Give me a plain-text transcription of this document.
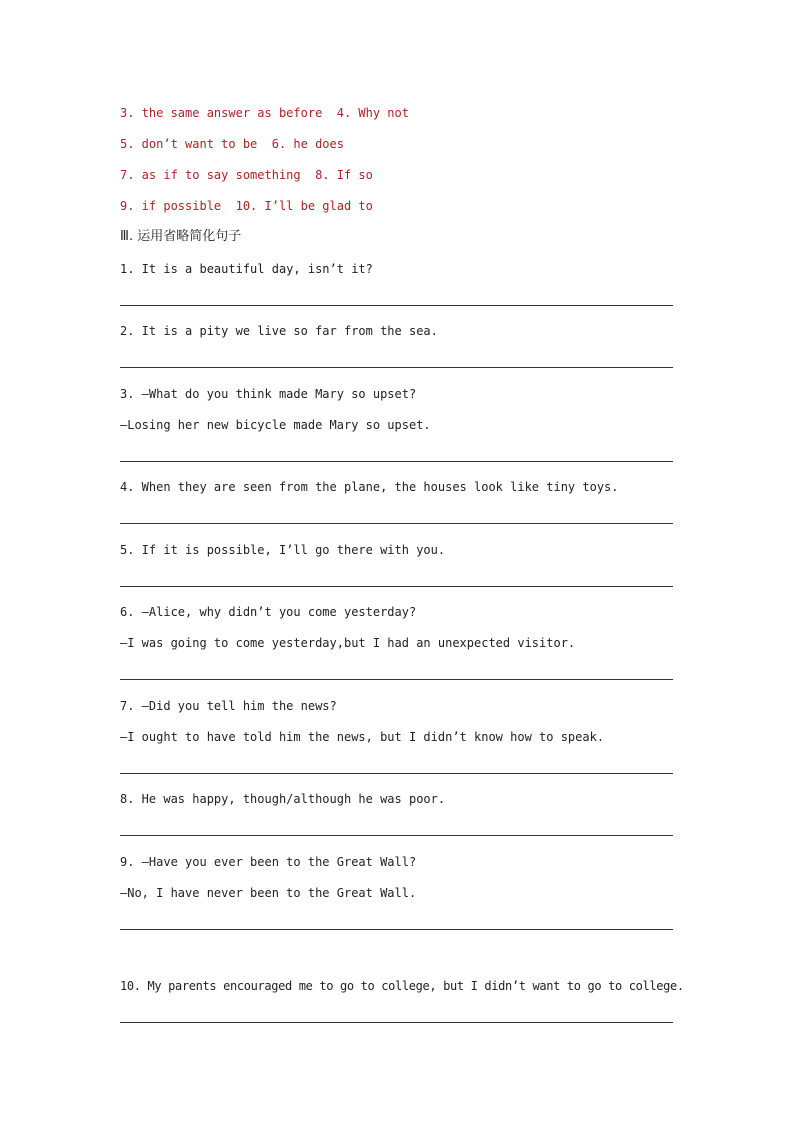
3. the same answer as before  4. Why not
5. don’t want to be  6. he does
7. as if to say something  8. If so
9. if possible  10. I’ll be glad to
Ⅲ. 运用省略简化句子
1. It is a beautiful day, isn’t it?
2. It is a pity we live so far from the sea.
3. —What do you think made Mary so upset?
—Losing her new bicycle made Mary so upset.
4. When they are seen from the plane, the houses look like tiny toys.
5. If it is possible, I’ll go there with you.
6. —Alice, why didn’t you come yesterday?
—I was going to come yesterday,but I had an unexpected visitor.
7. —Did you tell him the news?
—I ought to have told him the news, but I didn’t know how to speak.
8. He was happy, though/although he was poor.
9. —Have you ever been to the Great Wall?
—No, I have never been to the Great Wall.
10. My parents encouraged me to go to college, but I didn’t want to go to college.
